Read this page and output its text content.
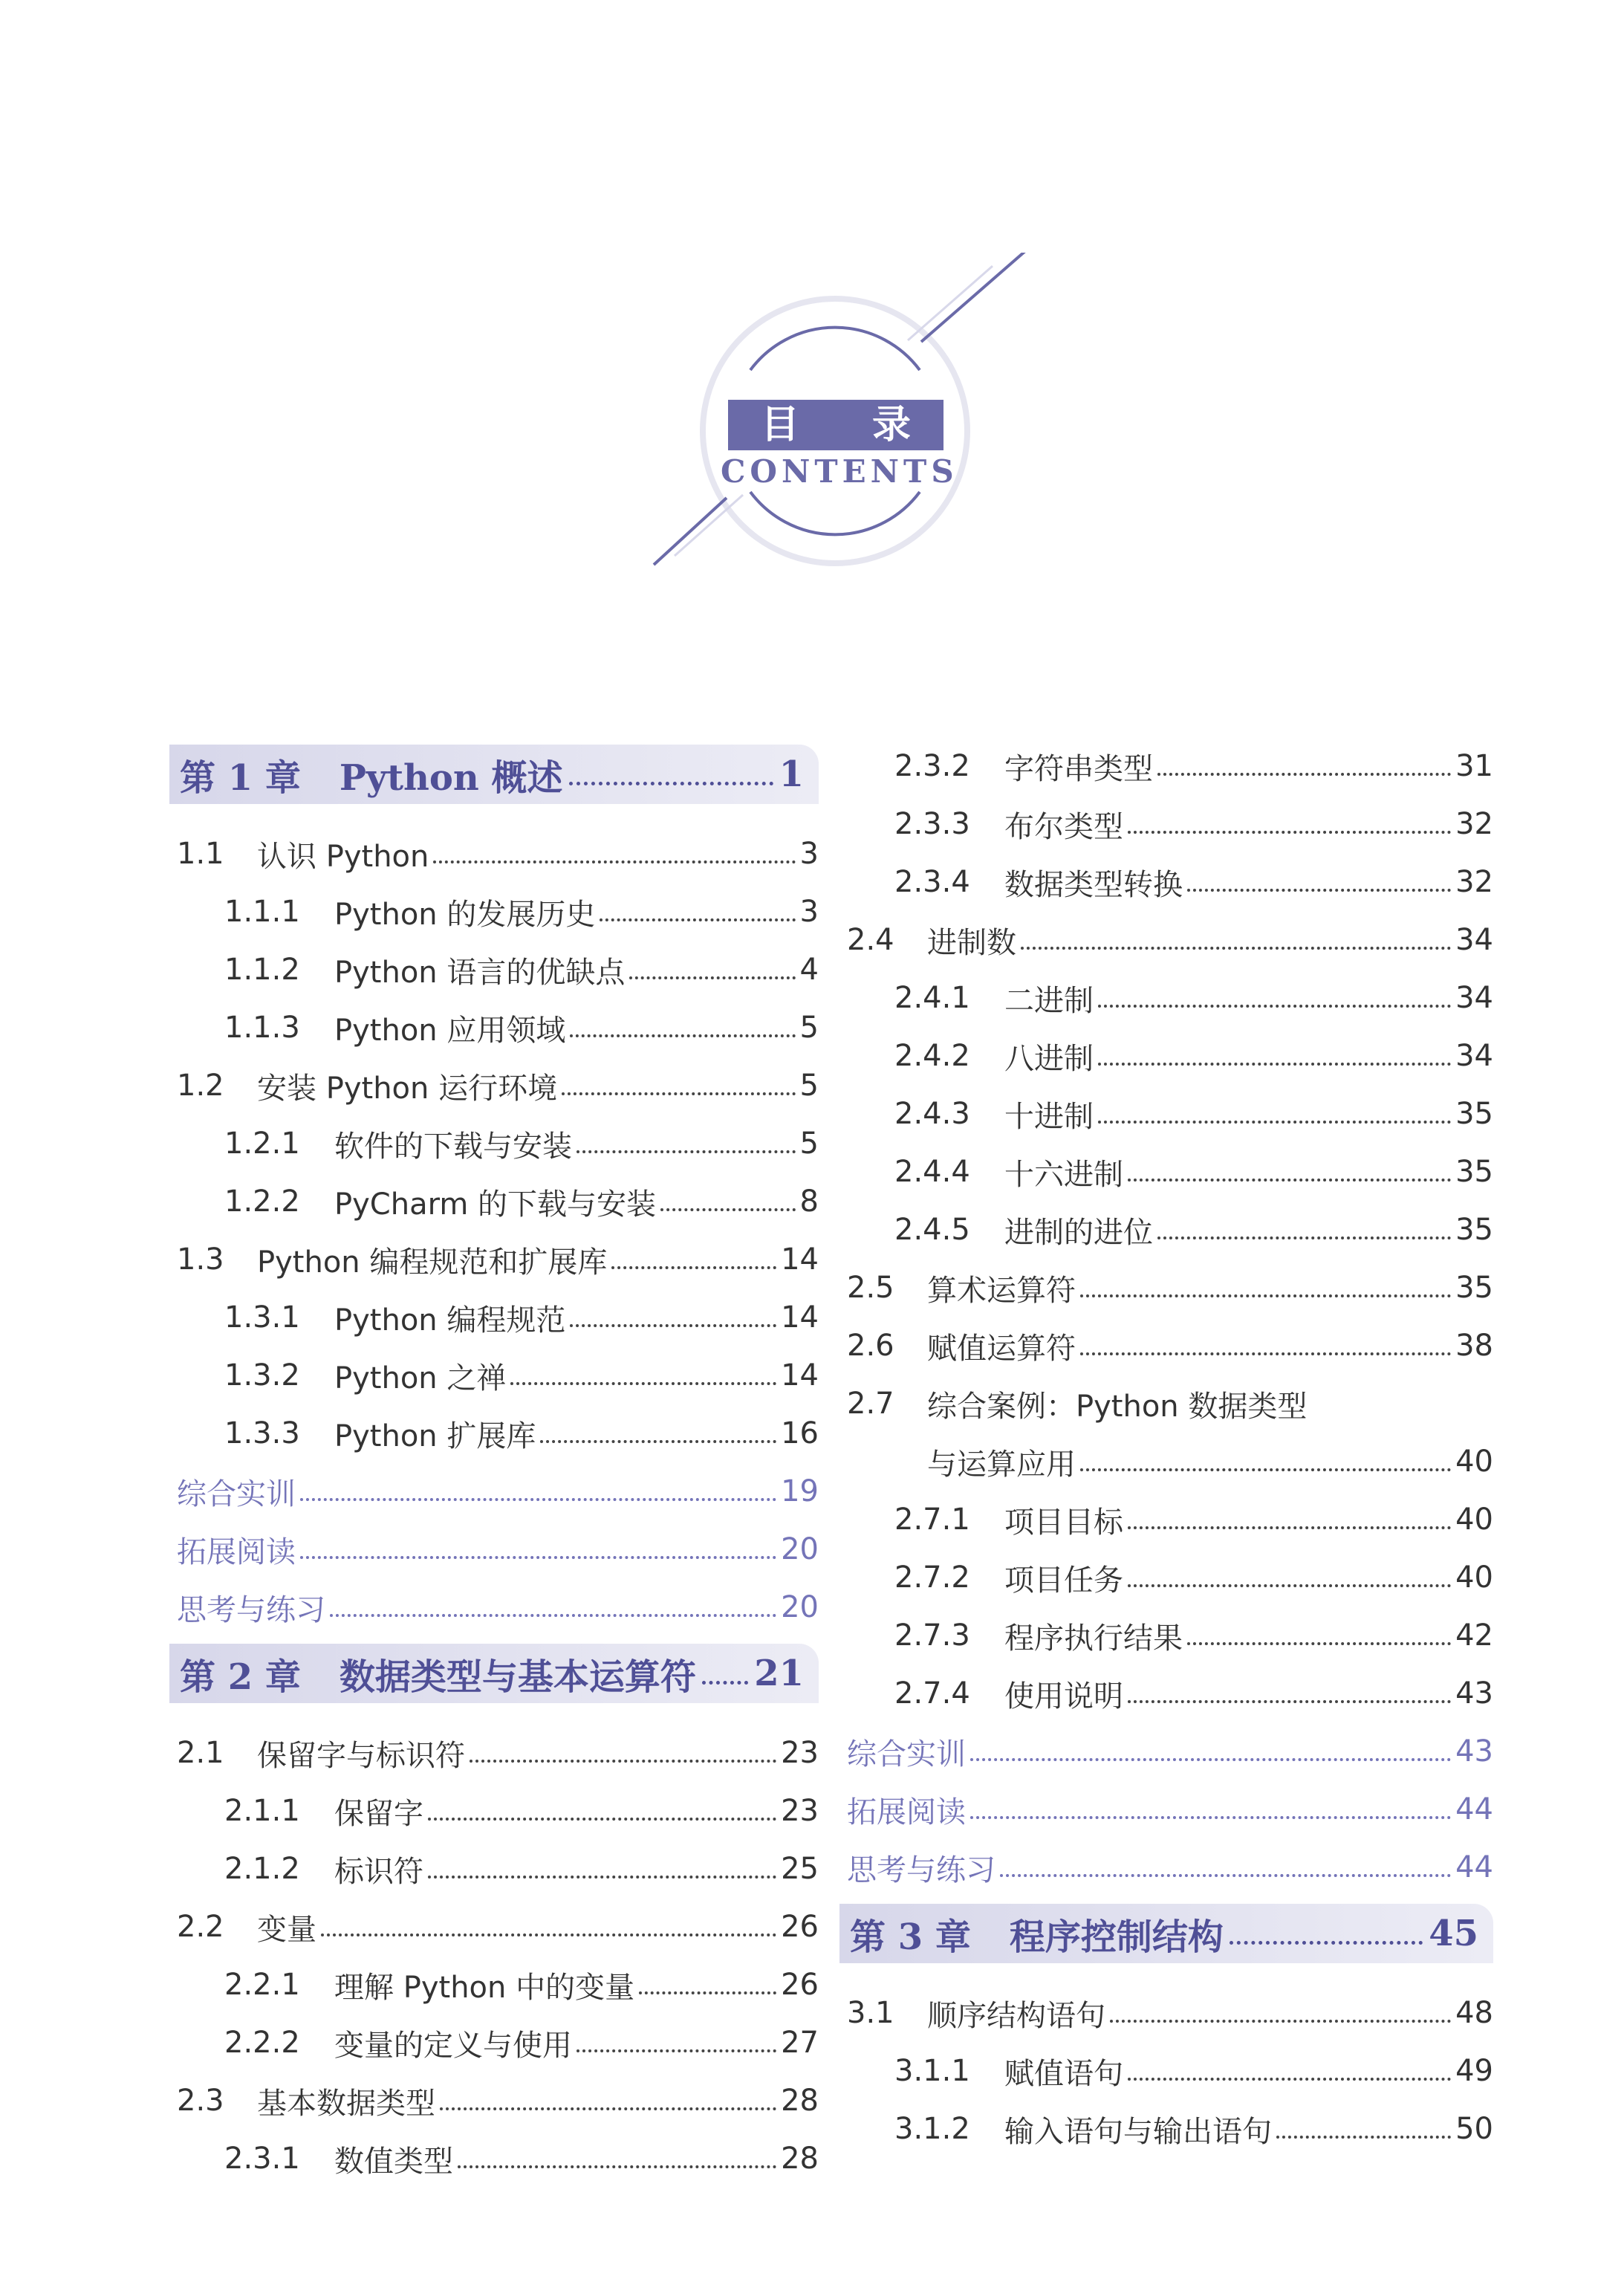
目 录
CONTENTS
第 1 章 Python 概述	1
1.1	认识 Python	3
1.1.1	Python 的发展历史	3
1.1.2	Python 语言的优缺点	4
1.1.3	Python 应用领域	5
1.2	安装 Python 运行环境	5
1.2.1	软件的下载与安装	5
1.2.2	PyCharm 的下载与安装	8
1.3	Python 编程规范和扩展库	14
1.3.1	Python 编程规范	14
1.3.2	Python 之禅	14
1.3.3	Python 扩展库	16
综合实训	19
拓展阅读	20
思考与练习	20
第 2 章 数据类型与基本运算符 21
2.1	保留字与标识符	23
2.1.1	保留字	23
2.1.2	标识符	25
2.2	变量	26
2.2.1	理解 Python 中的变量	26
2.2.2	变量的定义与使用	27
2.3	基本数据类型	28
2.3.1	数值类型	28
2.3.2	字符串类型	31
2.3.3	布尔类型	32
2.3.4	数据类型转换	32
2.4	进制数	34
2.4.1	二进制	34
2.4.2	八进制	34
2.4.3	十进制	35
2.4.4	十六进制	35
2.4.5	进制的进位	35
2.5	算术运算符	35
2.6	赋值运算符	38
2.7	综合案例：Python 数据类型
与运算应用	40
2.7.1	项目目标	40
2.7.2	项目任务	40
2.7.3	程序执行结果	42
2.7.4	使用说明	43
综合实训	43
拓展阅读	44
思考与练习	44
第 3 章 程序控制结构	45
3.1	顺序结构语句	48
3.1.1	赋值语句	49
3.1.2	输入语句与输出语句	50
